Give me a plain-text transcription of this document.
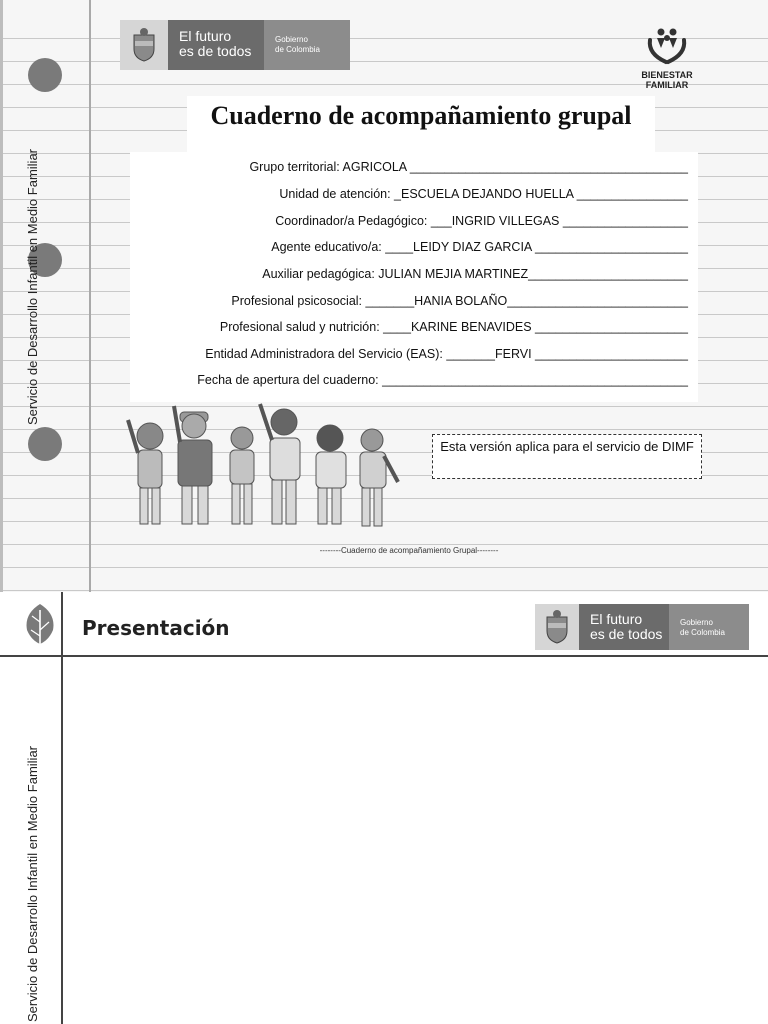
Servicio de Desarrollo Infantil en Medio Familiar
El futuro
es de todos
Gobierno
de Colombia
BIENESTAR
FAMILIAR
Cuaderno de acompañamiento grupal
Grupo territorial: AGRICOLA ________________________________________
Unidad de atención: _ESCUELA DEJANDO HUELLA ________________
Coordinador/a Pedagógico: ___INGRID VILLEGAS __________________
Agente educativo/a: ____LEIDY DIAZ GARCIA ______________________
Auxiliar pedagógica: JULIAN MEJIA MARTINEZ_______________________
Profesional psicosocial: _______HANIA BOLAÑO__________________________
Profesional salud y nutrición: ____KARINE BENAVIDES ______________________
Entidad Administradora del Servicio (EAS): _______FERVI ______________________
Fecha de apertura del cuaderno: ____________________________________________
Esta versión aplica para el servicio de DIMF
--------Cuaderno de acompañamiento Grupal--------
Presentación	El futuro
es de todos
Gobierno
de Colombia
Servicio de Desarrollo Infantil en Medio Familiar
